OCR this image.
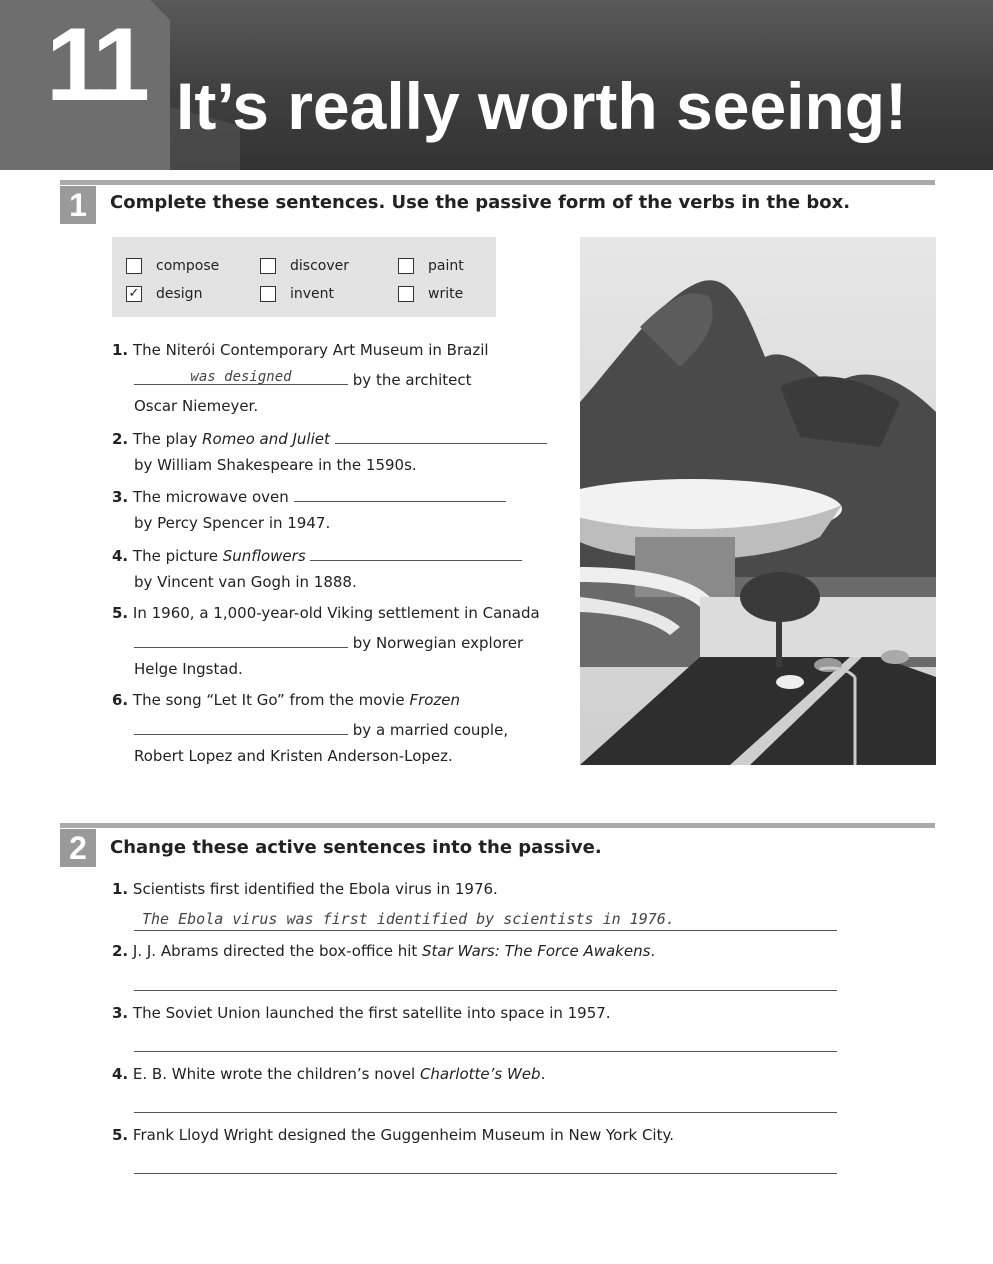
11 It’s really worth seeing!
1	Complete these sentences. Use the passive form of the verbs in the box.
compose	discover	paint
✓ design	invent	write
1. The Niterói Contemporary Art Museum in Brazil
was designed	by the architect
Oscar Niemeyer.
2. The play Romeo and Juliet
by William Shakespeare in the 1590s.
3. The microwave oven
by Percy Spencer in 1947.
4. The picture Sunflowers
by Vincent van Gogh in 1888.
5. In 1960, a 1,000-year-old Viking settlement in Canada
by Norwegian explorer
Helge Ingstad.
6. The song “Let It Go” from the movie Frozen
by a married couple,
Robert Lopez and Kristen Anderson-Lopez.
2	Change these active sentences into the passive.
1. Scientists first identified the Ebola virus in 1976.
The Ebola virus was first identified by scientists in 1976.
2. J. J. Abrams directed the box-office hit Star Wars: The Force Awakens.
3. The Soviet Union launched the first satellite into space in 1957.
4. E. B. White wrote the children’s novel Charlotte’s Web.
5. Frank Lloyd Wright designed the Guggenheim Museum in New York City.
